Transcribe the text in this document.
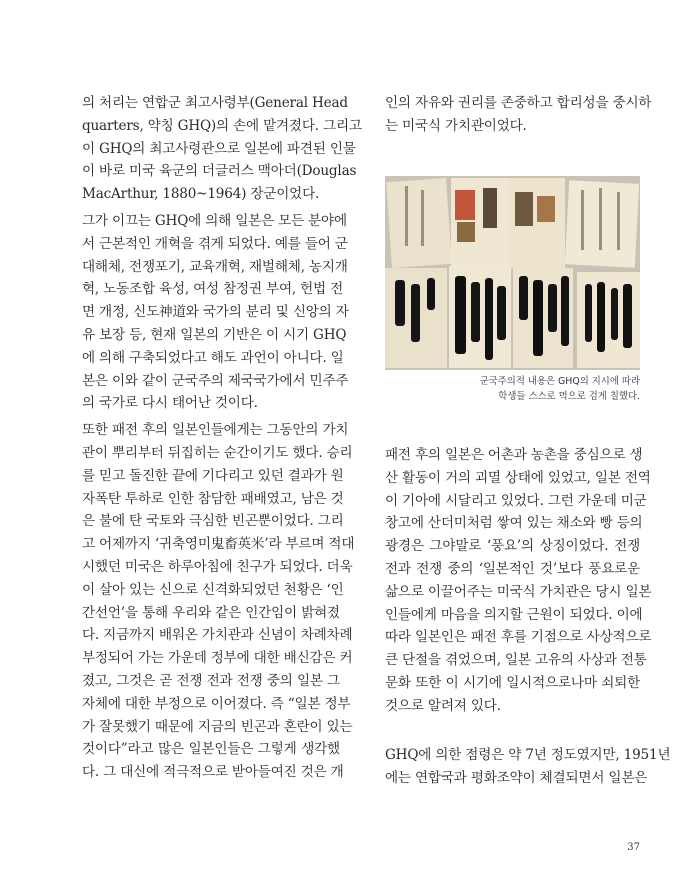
의 처리는 연합군 최고사령부(General Head

quarters, 약칭 GHQ)의 손에 맡겨졌다. 그리고

이 GHQ의 최고사령관으로 일본에 파견된 인물

이 바로 미국 육군의 더글러스 맥아더(Douglas

MacArthur, 1880~1964) 장군이었다.

그가 이끄는 GHQ에 의해 일본은 모든 분야에

서 근본적인 개혁을 겪게 되었다. 예를 들어 군

대해체, 전쟁포기, 교육개혁, 재벌해체, 농지개

혁, 노동조합 육성, 여성 참정권 부여, 헌법 전

면 개정, 신도神道와 국가의 분리 및 신앙의 자

유 보장 등, 현재 일본의 기반은 이 시기 GHQ

에 의해 구축되었다고 해도 과언이 아니다. 일

본은 이와 같이 군국주의 제국국가에서 민주주

의 국가로 다시 태어난 것이다.

또한 패전 후의 일본인들에게는 그동안의 가치

관이 뿌리부터 뒤집히는 순간이기도 했다. 승리

를 믿고 돌진한 끝에 기다리고 있던 결과가 원

자폭탄 투하로 인한 참담한 패배였고, 남은 것

은 불에 탄 국토와 극심한 빈곤뿐이었다. 그리

고 어제까지 ‘귀축영미鬼畜英米’라 부르며 적대

시했던 미국은 하루아침에 친구가 되었다. 더욱

이 살아 있는 신으로 신격화되었던 천황은 ‘인

간선언’을 통해 우리와 같은 인간임이 밝혀졌

다. 지금까지 배워온 가치관과 신념이 차례차례

부정되어 가는 가운데 정부에 대한 배신감은 커

졌고, 그것은 곧 전쟁 전과 전쟁 중의 일본 그

자체에 대한 부정으로 이어졌다. 즉 “일본 정부

가 잘못했기 때문에 지금의 빈곤과 혼란이 있는

것이다”라고 많은 일본인들은 그렇게 생각했

다. 그 대신에 적극적으로 받아들여진 것은 개

인의 자유와 권리를 존중하고 합리성을 중시하

는 미국식 가치관이었다.

군국주의적 내용은 GHQ의 지시에 따라
학생들 스스로 먹으로 검게 칠했다.

패전 후의 일본은 어촌과 농촌을 중심으로 생

산 활동이 거의 괴멸 상태에 있었고, 일본 전역

이 기아에 시달리고 있었다. 그런 가운데 미군

창고에 산더미처럼 쌓여 있는 채소와 빵 등의

광경은 그야말로 ‘풍요’의 상징이었다. 전쟁

전과 전쟁 중의 ‘일본적인 것’보다 풍요로운

삶으로 이끌어주는 미국식 가치관은 당시 일본

인들에게 마음을 의지할 근원이 되었다. 이에

따라 일본인은 패전 후를 기점으로 사상적으로

큰 단절을 겪었으며, 일본 고유의 사상과 전통

문화 또한 이 시기에 일시적으로나마 쇠퇴한

것으로 알려져 있다.

GHQ에 의한 점령은 약 7년 정도였지만, 1951년

에는 연합국과 평화조약이 체결되면서 일본은

37
